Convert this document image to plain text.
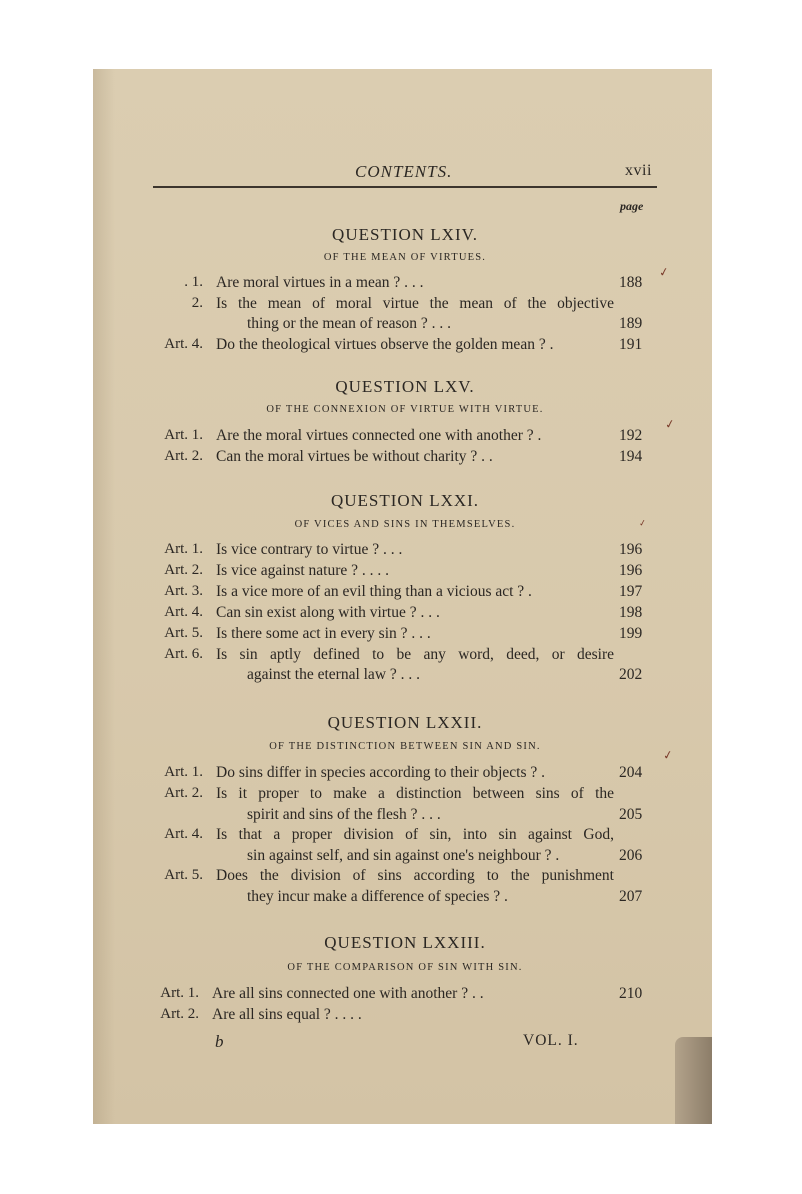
CONTENTS.	xvii
page
QUESTION LXIV.
OF THE MEAN OF VIRTUES.
. 1. Are moral virtues in a mean ? . . .	188
2. Is the mean of moral virtue the mean of the objective
thing or the mean of reason ? . . .	189
Art. 4. Do the theological virtues observe the golden mean ? .	191
QUESTION LXV.
OF THE CONNEXION OF VIRTUE WITH VIRTUE.
Art. 1. Are the moral virtues connected one with another ? .	192
Art. 2. Can the moral virtues be without charity ? . .	194
QUESTION LXXI.
OF VICES AND SINS IN THEMSELVES.
Art. 1. Is vice contrary to virtue ? . . .	196
Art. 2. Is vice against nature ? . . . .	196
Art. 3. Is a vice more of an evil thing than a vicious act ? .	197
Art. 4. Can sin exist along with virtue ? . . .	198
Art. 5. Is there some act in every sin ? . . .	199
Art. 6. Is sin aptly defined to be any word, deed, or desire
against the eternal law ? . . .	202
QUESTION LXXII.
OF THE DISTINCTION BETWEEN SIN AND SIN.
Art. 1. Do sins differ in species according to their objects ? .	204
Art. 2. Is it proper to make a distinction between sins of the
spirit and sins of the flesh ? . . .	205
Art. 4. Is that a proper division of sin, into sin against God,
sin against self, and sin against one's neighbour ? .	206
Art. 5. Does the division of sins according to the punishment
they incur make a difference of species ? .	207
QUESTION LXXIII.
OF THE COMPARISON OF SIN WITH SIN.
Art. 1. Are all sins connected one with another ? . .	210
Art. 2. Are all sins equal ? . . . .
b	VOL. I.
✓
✓
✓
✓
